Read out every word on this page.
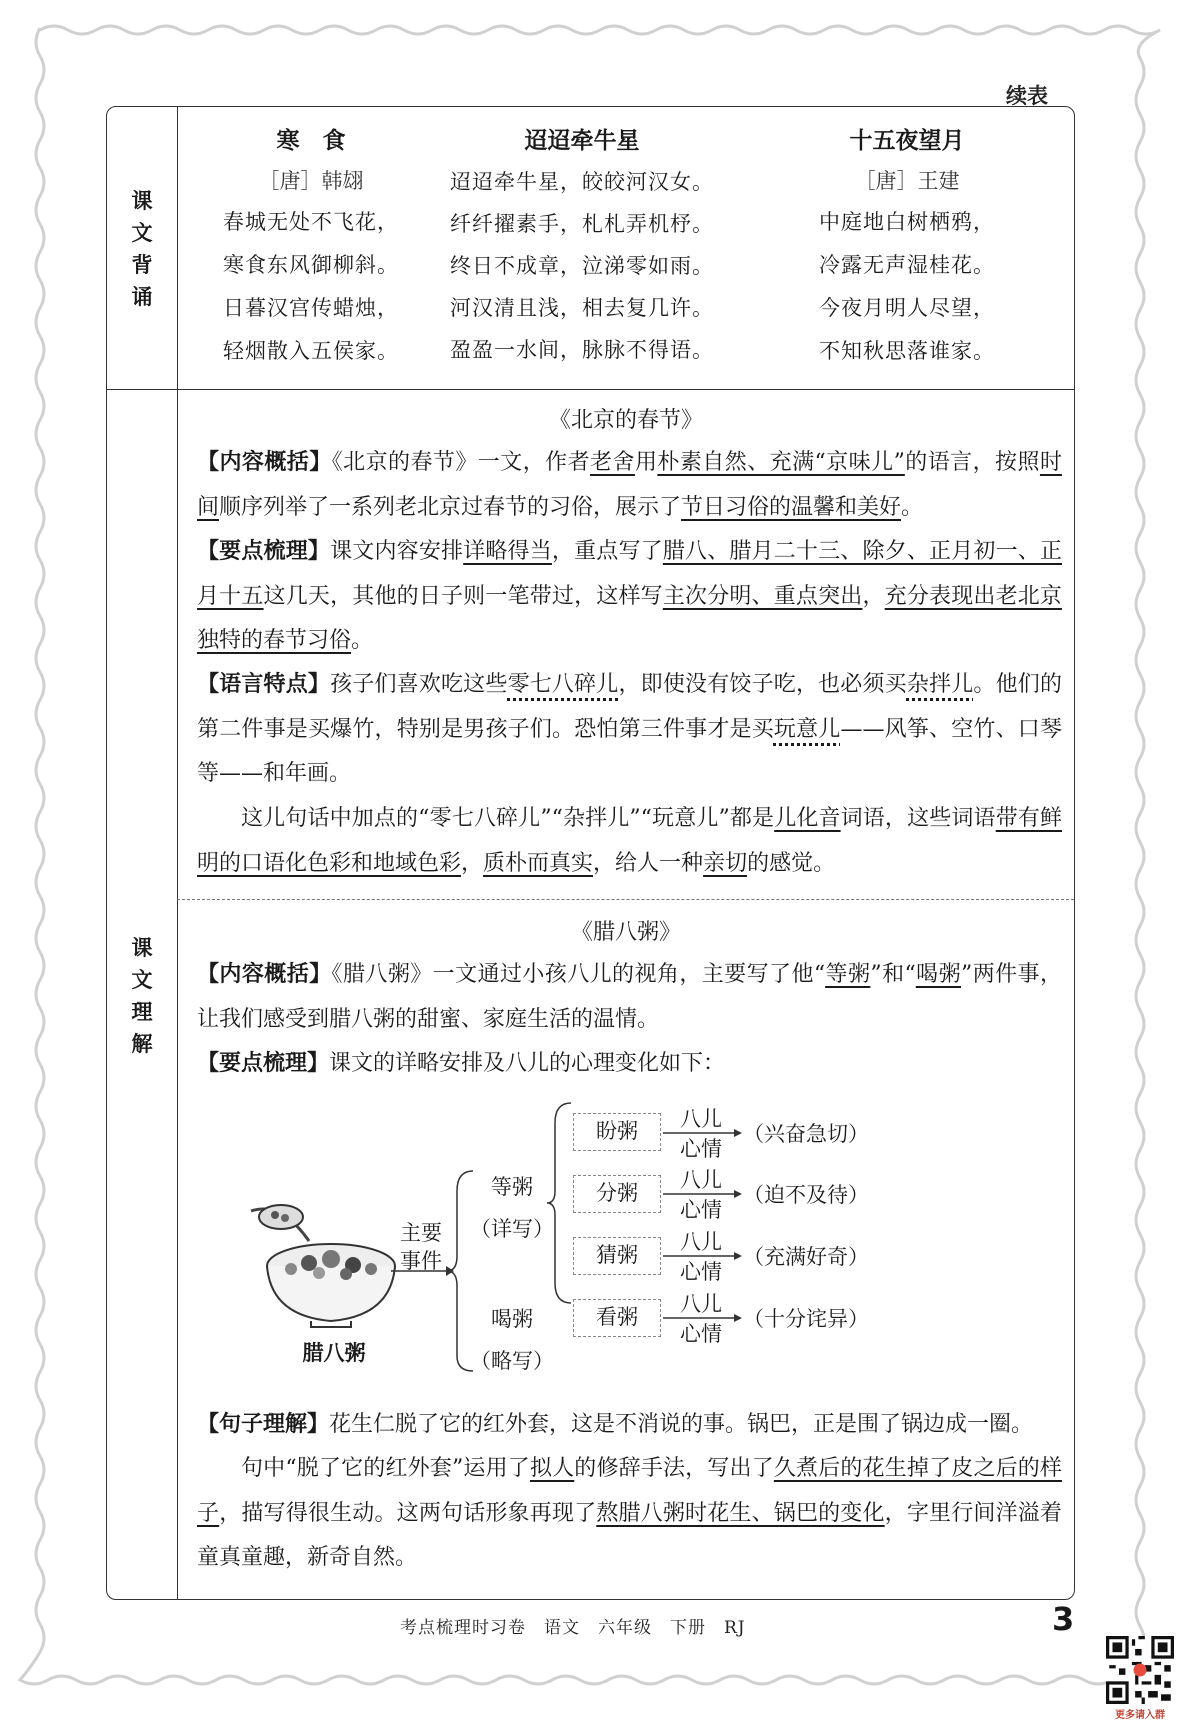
续表
课
文
背
诵
课
文
理
解
寒　食
［唐］韩翃
春城无处不飞花，
寒食东风御柳斜。
日暮汉宫传蜡烛，
轻烟散入五侯家。
迢迢牵牛星
迢迢牵牛星，皎皎河汉女。
纤纤擢素手，札札弄机杼。
终日不成章，泣涕零如雨。
河汉清且浅，相去复几许。
盈盈一水间，脉脉不得语。
十五夜望月
［唐］王建
中庭地白树栖鸦，
冷露无声湿桂花。
今夜月明人尽望，
不知秋思落谁家。
《北京的春节》
【内容概括】《北京的春节》一文，作者老舍用朴素自然、充满“京味儿”的语言，按照时间顺序列举了一系列老北京过春节的习俗，展示了节日习俗的温馨和美好。
【要点梳理】课文内容安排详略得当，重点写了腊八、腊月二十三、除夕、正月初一、正月十五这几天，其他的日子则一笔带过，这样写主次分明、重点突出，充分表现出老北京独特的春节习俗。
【语言特点】孩子们喜欢吃这些零七八碎儿，即使没有饺子吃，也必须买杂拌儿。他们的第二件事是买爆竹，特别是男孩子们。恐怕第三件事才是买玩意儿——风筝、空竹、口琴等——和年画。
这儿句话中加点的“零七八碎儿”“杂拌儿”“玩意儿”都是儿化音词语，这些词语带有鲜明的口语化色彩和地域色彩，质朴而真实，给人一种亲切的感觉。
《腊八粥》
【内容概括】《腊八粥》一文通过小孩八儿的视角，主要写了他“等粥”和“喝粥”两件事，让我们感受到腊八粥的甜蜜、家庭生活的温情。
【要点梳理】课文的详略安排及八儿的心理变化如下：
腊八粥
主要事件
等粥
（详写）
喝粥
（略写）
盼粥
分粥
猜粥
看粥
八儿
心情
八儿
心情
八儿
心情
八儿
心情
（兴奋急切）
（迫不及待）
（充满好奇）
（十分诧异）
【句子理解】花生仁脱了它的红外套，这是不消说的事。锅巴，正是围了锅边成一圈。
句中“脱了它的红外套”运用了拟人的修辞手法，写出了久煮后的花生掉了皮之后的样子，描写得很生动。这两句话形象再现了熬腊八粥时花生、锅巴的变化，字里行间洋溢着童真童趣，新奇自然。
考点梳理时习卷　语文　六年级　下册　RJ	3
更多请入群
